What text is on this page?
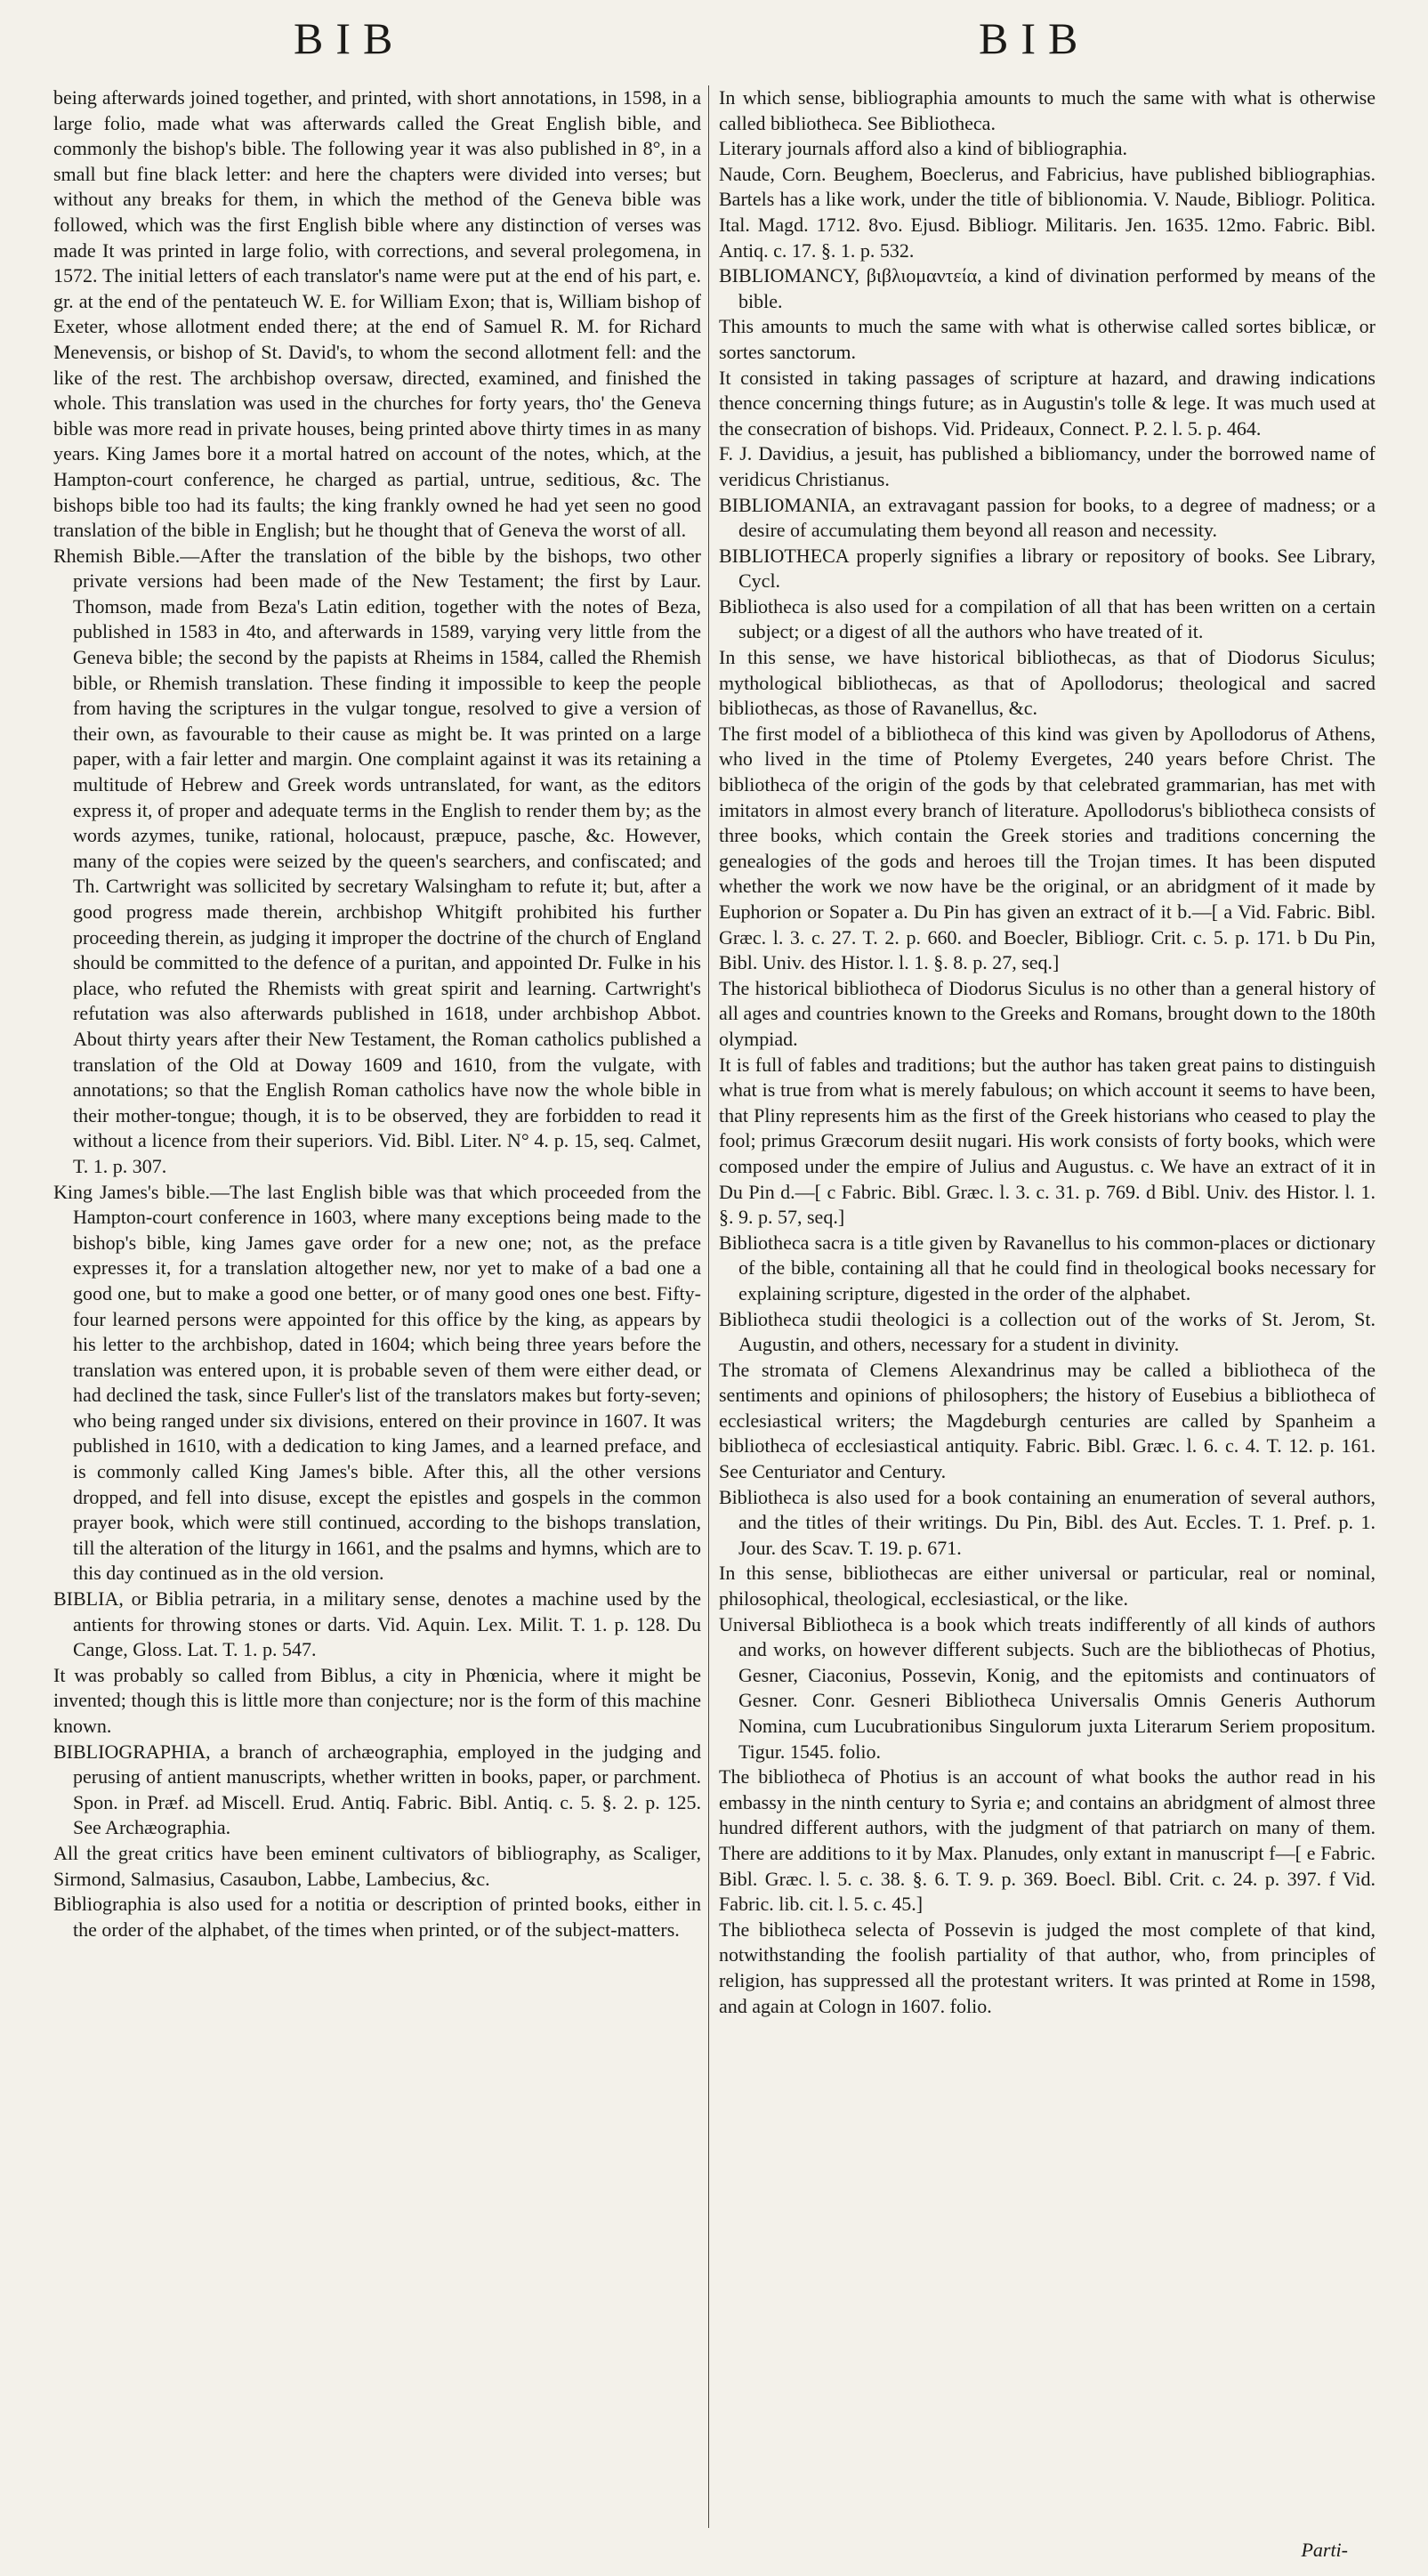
BIB	BIB

being afterwards joined together, and printed, with short annotations, in 1598, in a large folio, made what was afterwards called the Great English bible, and commonly the bishop's bible. The following year it was also published in 8°, in a small but fine black letter: and here the chapters were divided into verses; but without any breaks for them, in which the method of the Geneva bible was followed, which was the first English bible where any distinction of verses was made It was printed in large folio, with corrections, and several prolegomena, in 1572. The initial letters of each translator's name were put at the end of his part, e. gr. at the end of the pentateuch W. E. for William Exon; that is, William bishop of Exeter, whose allotment ended there; at the end of Samuel R. M. for Richard Menevensis, or bishop of St. David's, to whom the second allotment fell: and the like of the rest. The archbishop oversaw, directed, examined, and finished the whole. This translation was used in the churches for forty years, tho' the Geneva bible was more read in private houses, being printed above thirty times in as many years. King James bore it a mortal hatred on account of the notes, which, at the Hampton-court conference, he charged as partial, untrue, seditious, &c. The bishops bible too had its faults; the king frankly owned he had yet seen no good translation of the bible in English; but he thought that of Geneva the worst of all.

Rhemish Bible.—After the translation of the bible by the bishops, two other private versions had been made of the New Testament; the first by Laur. Thomson, made from Beza's Latin edition, together with the notes of Beza, published in 1583 in 4to, and afterwards in 1589, varying very little from the Geneva bible; the second by the papists at Rheims in 1584, called the Rhemish bible, or Rhemish translation. These finding it impossible to keep the people from having the scriptures in the vulgar tongue, resolved to give a version of their own, as favourable to their cause as might be. It was printed on a large paper, with a fair letter and margin. One complaint against it was its retaining a multitude of Hebrew and Greek words untranslated, for want, as the editors express it, of proper and adequate terms in the English to render them by; as the words azymes, tunike, rational, holocaust, præpuce, pasche, &c. However, many of the copies were seized by the queen's searchers, and confiscated; and Th. Cartwright was sollicited by secretary Walsingham to refute it; but, after a good progress made therein, archbishop Whitgift prohibited his further proceeding therein, as judging it improper the doctrine of the church of England should be committed to the defence of a puritan, and appointed Dr. Fulke in his place, who refuted the Rhemists with great spirit and learning. Cartwright's refutation was also afterwards published in 1618, under archbishop Abbot. About thirty years after their New Testament, the Roman catholics published a translation of the Old at Doway 1609 and 1610, from the vulgate, with annotations; so that the English Roman catholics have now the whole bible in their mother-tongue; though, it is to be observed, they are forbidden to read it without a licence from their superiors. Vid. Bibl. Liter. N° 4. p. 15, seq. Calmet, T. 1. p. 307.

King James's bible.—The last English bible was that which proceeded from the Hampton-court conference in 1603, where many exceptions being made to the bishop's bible, king James gave order for a new one; not, as the preface expresses it, for a translation altogether new, nor yet to make of a bad one a good one, but to make a good one better, or of many good ones one best. Fifty-four learned persons were appointed for this office by the king, as appears by his letter to the archbishop, dated in 1604; which being three years before the translation was entered upon, it is probable seven of them were either dead, or had declined the task, since Fuller's list of the translators makes but forty-seven; who being ranged under six divisions, entered on their province in 1607. It was published in 1610, with a dedication to king James, and a learned preface, and is commonly called King James's bible. After this, all the other versions dropped, and fell into disuse, except the epistles and gospels in the common prayer book, which were still continued, according to the bishops translation, till the alteration of the liturgy in 1661, and the psalms and hymns, which are to this day continued as in the old version.

BIBLIA, or Biblia petraria, in a military sense, denotes a machine used by the antients for throwing stones or darts. Vid. Aquin. Lex. Milit. T. 1. p. 128. Du Cange, Gloss. Lat. T. 1. p. 547.

It was probably so called from Biblus, a city in Phœnicia, where it might be invented; though this is little more than conjecture; nor is the form of this machine known.

BIBLIOGRAPHIA, a branch of archæographia, employed in the judging and perusing of antient manuscripts, whether written in books, paper, or parchment. Spon. in Præf. ad Miscell. Erud. Antiq. Fabric. Bibl. Antiq. c. 5. §. 2. p. 125. See Archæographia.

All the great critics have been eminent cultivators of bibliography, as Scaliger, Sirmond, Salmasius, Casaubon, Labbe, Lambecius, &c.

Bibliographia is also used for a notitia or description of printed books, either in the order of the alphabet, of the times when printed, or of the subject-matters.

In which sense, bibliographia amounts to much the same with what is otherwise called bibliotheca. See Bibliotheca.

Literary journals afford also a kind of bibliographia.

Naude, Corn. Beughem, Boeclerus, and Fabricius, have published bibliographias. Bartels has a like work, under the title of biblionomia. V. Naude, Bibliogr. Politica. Ital. Magd. 1712. 8vo. Ejusd. Bibliogr. Militaris. Jen. 1635. 12mo. Fabric. Bibl. Antiq. c. 17. §. 1. p. 532.

BIBLIOMANCY, βιβλιομαντεία, a kind of divination performed by means of the bible.

This amounts to much the same with what is otherwise called sortes biblicæ, or sortes sanctorum.

It consisted in taking passages of scripture at hazard, and drawing indications thence concerning things future; as in Augustin's tolle & lege. It was much used at the consecration of bishops. Vid. Prideaux, Connect. P. 2. l. 5. p. 464.

F. J. Davidius, a jesuit, has published a bibliomancy, under the borrowed name of veridicus Christianus.

BIBLIOMANIA, an extravagant passion for books, to a degree of madness; or a desire of accumulating them beyond all reason and necessity.

BIBLIOTHECA properly signifies a library or repository of books. See Library, Cycl.

Bibliotheca is also used for a compilation of all that has been written on a certain subject; or a digest of all the authors who have treated of it.

In this sense, we have historical bibliothecas, as that of Diodorus Siculus; mythological bibliothecas, as that of Apollodorus; theological and sacred bibliothecas, as those of Ravanellus, &c.

The first model of a bibliotheca of this kind was given by Apollodorus of Athens, who lived in the time of Ptolemy Evergetes, 240 years before Christ. The bibliotheca of the origin of the gods by that celebrated grammarian, has met with imitators in almost every branch of literature. Apollodorus's bibliotheca consists of three books, which contain the Greek stories and traditions concerning the genealogies of the gods and heroes till the Trojan times. It has been disputed whether the work we now have be the original, or an abridgment of it made by Euphorion or Sopater a. Du Pin has given an extract of it b.—[ a Vid. Fabric. Bibl. Græc. l. 3. c. 27. T. 2. p. 660. and Boecler, Bibliogr. Crit. c. 5. p. 171. b Du Pin, Bibl. Univ. des Histor. l. 1. §. 8. p. 27, seq.]

The historical bibliotheca of Diodorus Siculus is no other than a general history of all ages and countries known to the Greeks and Romans, brought down to the 180th olympiad.

It is full of fables and traditions; but the author has taken great pains to distinguish what is true from what is merely fabulous; on which account it seems to have been, that Pliny represents him as the first of the Greek historians who ceased to play the fool; primus Græcorum desiit nugari. His work consists of forty books, which were composed under the empire of Julius and Augustus. c. We have an extract of it in Du Pin d.—[ c Fabric. Bibl. Græc. l. 3. c. 31. p. 769. d Bibl. Univ. des Histor. l. 1. §. 9. p. 57, seq.]

Bibliotheca sacra is a title given by Ravanellus to his common-places or dictionary of the bible, containing all that he could find in theological books necessary for explaining scripture, digested in the order of the alphabet.

Bibliotheca studii theologici is a collection out of the works of St. Jerom, St. Augustin, and others, necessary for a student in divinity.

The stromata of Clemens Alexandrinus may be called a bibliotheca of the sentiments and opinions of philosophers; the history of Eusebius a bibliotheca of ecclesiastical writers; the Magdeburgh centuries are called by Spanheim a bibliotheca of ecclesiastical antiquity. Fabric. Bibl. Græc. l. 6. c. 4. T. 12. p. 161. See Centuriator and Century.

Bibliotheca is also used for a book containing an enumeration of several authors, and the titles of their writings. Du Pin, Bibl. des Aut. Eccles. T. 1. Pref. p. 1. Jour. des Scav. T. 19. p. 671.

In this sense, bibliothecas are either universal or particular, real or nominal, philosophical, theological, ecclesiastical, or the like.

Universal Bibliotheca is a book which treats indifferently of all kinds of authors and works, on however different subjects. Such are the bibliothecas of Photius, Gesner, Ciaconius, Possevin, Konig, and the epitomists and continuators of Gesner. Conr. Gesneri Bibliotheca Universalis Omnis Generis Authorum Nomina, cum Lucubrationibus Singulorum juxta Literarum Seriem propositum. Tigur. 1545. folio.

The bibliotheca of Photius is an account of what books the author read in his embassy in the ninth century to Syria e; and contains an abridgment of almost three hundred different authors, with the judgment of that patriarch on many of them. There are additions to it by Max. Planudes, only extant in manuscript f—[ e Fabric. Bibl. Græc. l. 5. c. 38. §. 6. T. 9. p. 369. Boecl. Bibl. Crit. c. 24. p. 397. f Vid. Fabric. lib. cit. l. 5. c. 45.]

The bibliotheca selecta of Possevin is judged the most complete of that kind, notwithstanding the foolish partiality of that author, who, from principles of religion, has suppressed all the protestant writers. It was printed at Rome in 1598, and again at Cologn in 1607. folio.

Parti-
